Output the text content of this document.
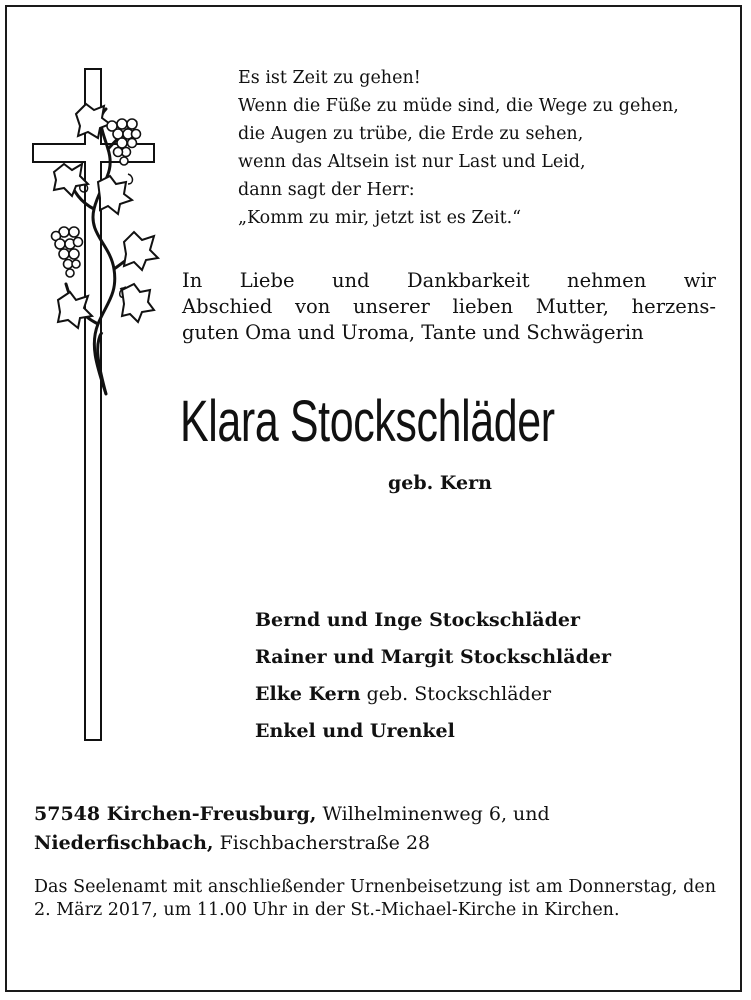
Es ist Zeit zu gehen!
Wenn die Füße zu müde sind, die Wege zu gehen,
die Augen zu trübe, die Erde zu sehen,
wenn das Altsein ist nur Last und Leid,
dann sagt der Herr:
„Komm zu mir, jetzt ist es Zeit.“
In Liebe und Dankbarkeit nehmen wir
Abschied von unserer lieben Mutter, herzens-
guten Oma und Uroma, Tante und Schwägerin
Klara Stockschläder
geb. Kern
Bernd und Inge Stockschläder
Rainer und Margit Stockschläder
Elke Kern geb. Stockschläder
Enkel und Urenkel
57548 Kirchen-Freusburg, Wilhelminenweg 6, und
Niederfischbach, Fischbacherstraße 28
Das Seelenamt mit anschließender Urnenbeisetzung ist am Donnerstag, den 2. März 2017, um 11.00 Uhr in der St.-Michael-Kirche in Kirchen.
